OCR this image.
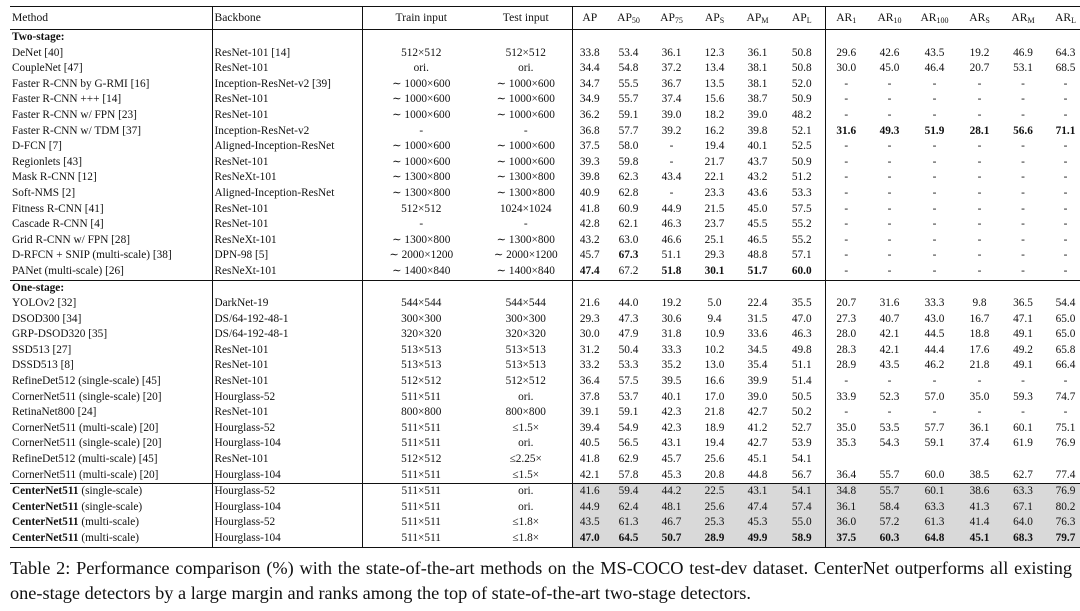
Method	Backbone	Train input	Test input	AP	$AP_{50}$	$AP_{75}$	$AP_S$	$AP_M$	$AP_L$	$AR_1$	$AR_{10}$	$AR_{100}$	$AR_S$	$AR_M$	$AR_L$
Two-stage:															
DeNet [40]	ResNet-101 [14]	512×512	512×512	33.8	53.4	36.1	12.3	36.1	50.8	29.6	42.6	43.5	19.2	46.9	64.3
CoupleNet [47]	ResNet-101	ori.	ori.	34.4	54.8	37.2	13.4	38.1	50.8	30.0	45.0	46.4	20.7	53.1	68.5
Faster R-CNN by G-RMI [16]	Inception-ResNet-v2 [39]	∼ 1000×600	∼ 1000×600	34.7	55.5	36.7	13.5	38.1	52.0	-	-	-	-	-	-
Faster R-CNN +++ [14]	ResNet-101	∼ 1000×600	∼ 1000×600	34.9	55.7	37.4	15.6	38.7	50.9	-	-	-	-	-	-
Faster R-CNN w/ FPN [23]	ResNet-101	∼ 1000×600	∼ 1000×600	36.2	59.1	39.0	18.2	39.0	48.2	-	-	-	-	-	-
Faster R-CNN w/ TDM [37]	Inception-ResNet-v2	-	-	36.8	57.7	39.2	16.2	39.8	52.1	31.6	49.3	51.9	28.1	56.6	71.1
D-FCN [7]	Aligned-Inception-ResNet	∼ 1000×600	∼ 1000×600	37.5	58.0	-	19.4	40.1	52.5	-	-	-	-	-	-
Regionlets [43]	ResNet-101	∼ 1000×600	∼ 1000×600	39.3	59.8	-	21.7	43.7	50.9	-	-	-	-	-	-
Mask R-CNN [12]	ResNeXt-101	∼ 1300×800	∼ 1300×800	39.8	62.3	43.4	22.1	43.2	51.2	-	-	-	-	-	-
Soft-NMS [2]	Aligned-Inception-ResNet	∼ 1300×800	∼ 1300×800	40.9	62.8	-	23.3	43.6	53.3	-	-	-	-	-	-
Fitness R-CNN [41]	ResNet-101	512×512	1024×1024	41.8	60.9	44.9	21.5	45.0	57.5	-	-	-	-	-	-
Cascade R-CNN [4]	ResNet-101	-	-	42.8	62.1	46.3	23.7	45.5	55.2	-	-	-	-	-	-
Grid R-CNN w/ FPN [28]	ResNeXt-101	∼ 1300×800	∼ 1300×800	43.2	63.0	46.6	25.1	46.5	55.2	-	-	-	-	-	-
D-RFCN + SNIP (multi-scale) [38]	DPN-98 [5]	∼ 2000×1200	∼ 2000×1200	45.7	67.3	51.1	29.3	48.8	57.1	-	-	-	-	-	-
PANet (multi-scale) [26]	ResNeXt-101	∼ 1400×840	∼ 1400×840	47.4	67.2	51.8	30.1	51.7	60.0	-	-	-	-	-	-
One-stage:															
YOLOv2 [32]	DarkNet-19	544×544	544×544	21.6	44.0	19.2	5.0	22.4	35.5	20.7	31.6	33.3	9.8	36.5	54.4
DSOD300 [34]	DS/64-192-48-1	300×300	300×300	29.3	47.3	30.6	9.4	31.5	47.0	27.3	40.7	43.0	16.7	47.1	65.0
GRP-DSOD320 [35]	DS/64-192-48-1	320×320	320×320	30.0	47.9	31.8	10.9	33.6	46.3	28.0	42.1	44.5	18.8	49.1	65.0
SSD513 [27]	ResNet-101	513×513	513×513	31.2	50.4	33.3	10.2	34.5	49.8	28.3	42.1	44.4	17.6	49.2	65.8
DSSD513 [8]	ResNet-101	513×513	513×513	33.2	53.3	35.2	13.0	35.4	51.1	28.9	43.5	46.2	21.8	49.1	66.4
RefineDet512 (single-scale) [45]	ResNet-101	512×512	512×512	36.4	57.5	39.5	16.6	39.9	51.4	-	-	-	-	-	-
CornerNet511 (single-scale) [20]	Hourglass-52	511×511	ori.	37.8	53.7	40.1	17.0	39.0	50.5	33.9	52.3	57.0	35.0	59.3	74.7
RetinaNet800 [24]	ResNet-101	800×800	800×800	39.1	59.1	42.3	21.8	42.7	50.2	-	-	-	-	-	-
CornerNet511 (multi-scale) [20]	Hourglass-52	511×511	≤1.5×	39.4	54.9	42.3	18.9	41.2	52.7	35.0	53.5	57.7	36.1	60.1	75.1
CornerNet511 (single-scale) [20]	Hourglass-104	511×511	ori.	40.5	56.5	43.1	19.4	42.7	53.9	35.3	54.3	59.1	37.4	61.9	76.9
RefineDet512 (multi-scale) [45]	ResNet-101	512×512	≤2.25×	41.8	62.9	45.7	25.6	45.1	54.1						
CornerNet511 (multi-scale) [20]	Hourglass-104	511×511	≤1.5×	42.1	57.8	45.3	20.8	44.8	56.7	36.4	55.7	60.0	38.5	62.7	77.4
CenterNet511 (single-scale)	Hourglass-52	511×511	ori.	41.6	59.4	44.2	22.5	43.1	54.1	34.8	55.7	60.1	38.6	63.3	76.9
CenterNet511 (single-scale)	Hourglass-104	511×511	ori.	44.9	62.4	48.1	25.6	47.4	57.4	36.1	58.4	63.3	41.3	67.1	80.2
CenterNet511 (multi-scale)	Hourglass-52	511×511	≤1.8×	43.5	61.3	46.7	25.3	45.3	55.0	36.0	57.2	61.3	41.4	64.0	76.3
CenterNet511 (multi-scale)	Hourglass-104	511×511	≤1.8×	47.0	64.5	50.7	28.9	49.9	58.9	37.5	60.3	64.8	45.1	68.3	79.7
Table 2: Performance comparison (%) with the state-of-the-art methods on the MS-COCO test-dev dataset. CenterNet outperforms all existing one-stage detectors by a large margin and ranks among the top of state-of-the-art two-stage detectors.
